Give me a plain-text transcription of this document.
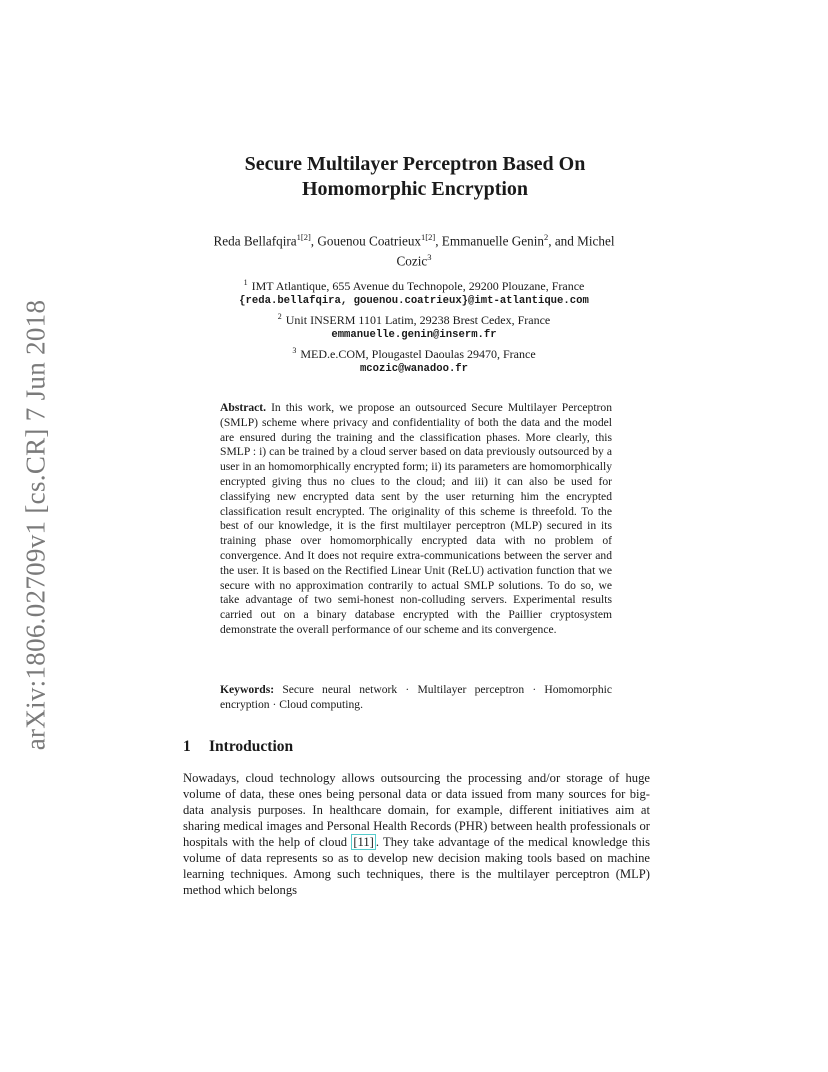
arXiv:1806.02709v1 [cs.CR] 7 Jun 2018
Secure Multilayer Perceptron Based On
Homomorphic Encryption
Reda Bellafqira$^{1[2]}$, Gouenou Coatrieux$^{1[2]}$, Emmanuelle Genin$^2$, and Michel
Cozic$^3$
$^1$ IMT Atlantique, 655 Avenue du Technopole, 29200 Plouzane, France
{reda.bellafqira, gouenou.coatrieux}@imt-atlantique.com
$^2$ Unit INSERM 1101 Latim, 29238 Brest Cedex, France
emmanuelle.genin@inserm.fr
$^3$ MED.e.COM, Plougastel Daoulas 29470, France
mcozic@wanadoo.fr
Abstract. In this work, we propose an outsourced Secure Multilayer Perceptron (SMLP) scheme where privacy and confidentiality of both the data and the model are ensured during the training and the classification phases. More clearly, this SMLP : i) can be trained by a cloud server based on data previously outsourced by a user in an homomorphically encrypted form; ii) its parameters are homomorphically encrypted giving thus no clues to the cloud; and iii) it can also be used for classifying new encrypted data sent by the user returning him the encrypted classification result encrypted. The originality of this scheme is threefold. To the best of our knowledge, it is the first multilayer perceptron (MLP) secured in its training phase over homomorphically encrypted data with no problem of convergence. And It does not require extra-communications between the server and the user. It is based on the Rectified Linear Unit (ReLU) activation function that we secure with no approximation contrarily to actual SMLP solutions. To do so, we take advantage of two semi-honest non-colluding servers. Experimental results carried out on a binary database encrypted with the Paillier cryptosystem demonstrate the overall performance of our scheme and its convergence.
Keywords: Secure neural network · Multilayer perceptron · Homomorphic encryption · Cloud computing.
1 Introduction
Nowadays, cloud technology allows outsourcing the processing and/or storage of huge volume of data, these ones being personal data or data issued from many sources for big-data analysis purposes. In healthcare domain, for example, different initiatives aim at sharing medical images and Personal Health Records (PHR) between health professionals or hospitals with the help of cloud [11] . They take advantage of the medical knowledge this volume of data represents so as to develop new decision making tools based on machine learning techniques. Among such techniques, there is the multilayer perceptron (MLP) method which belongs
